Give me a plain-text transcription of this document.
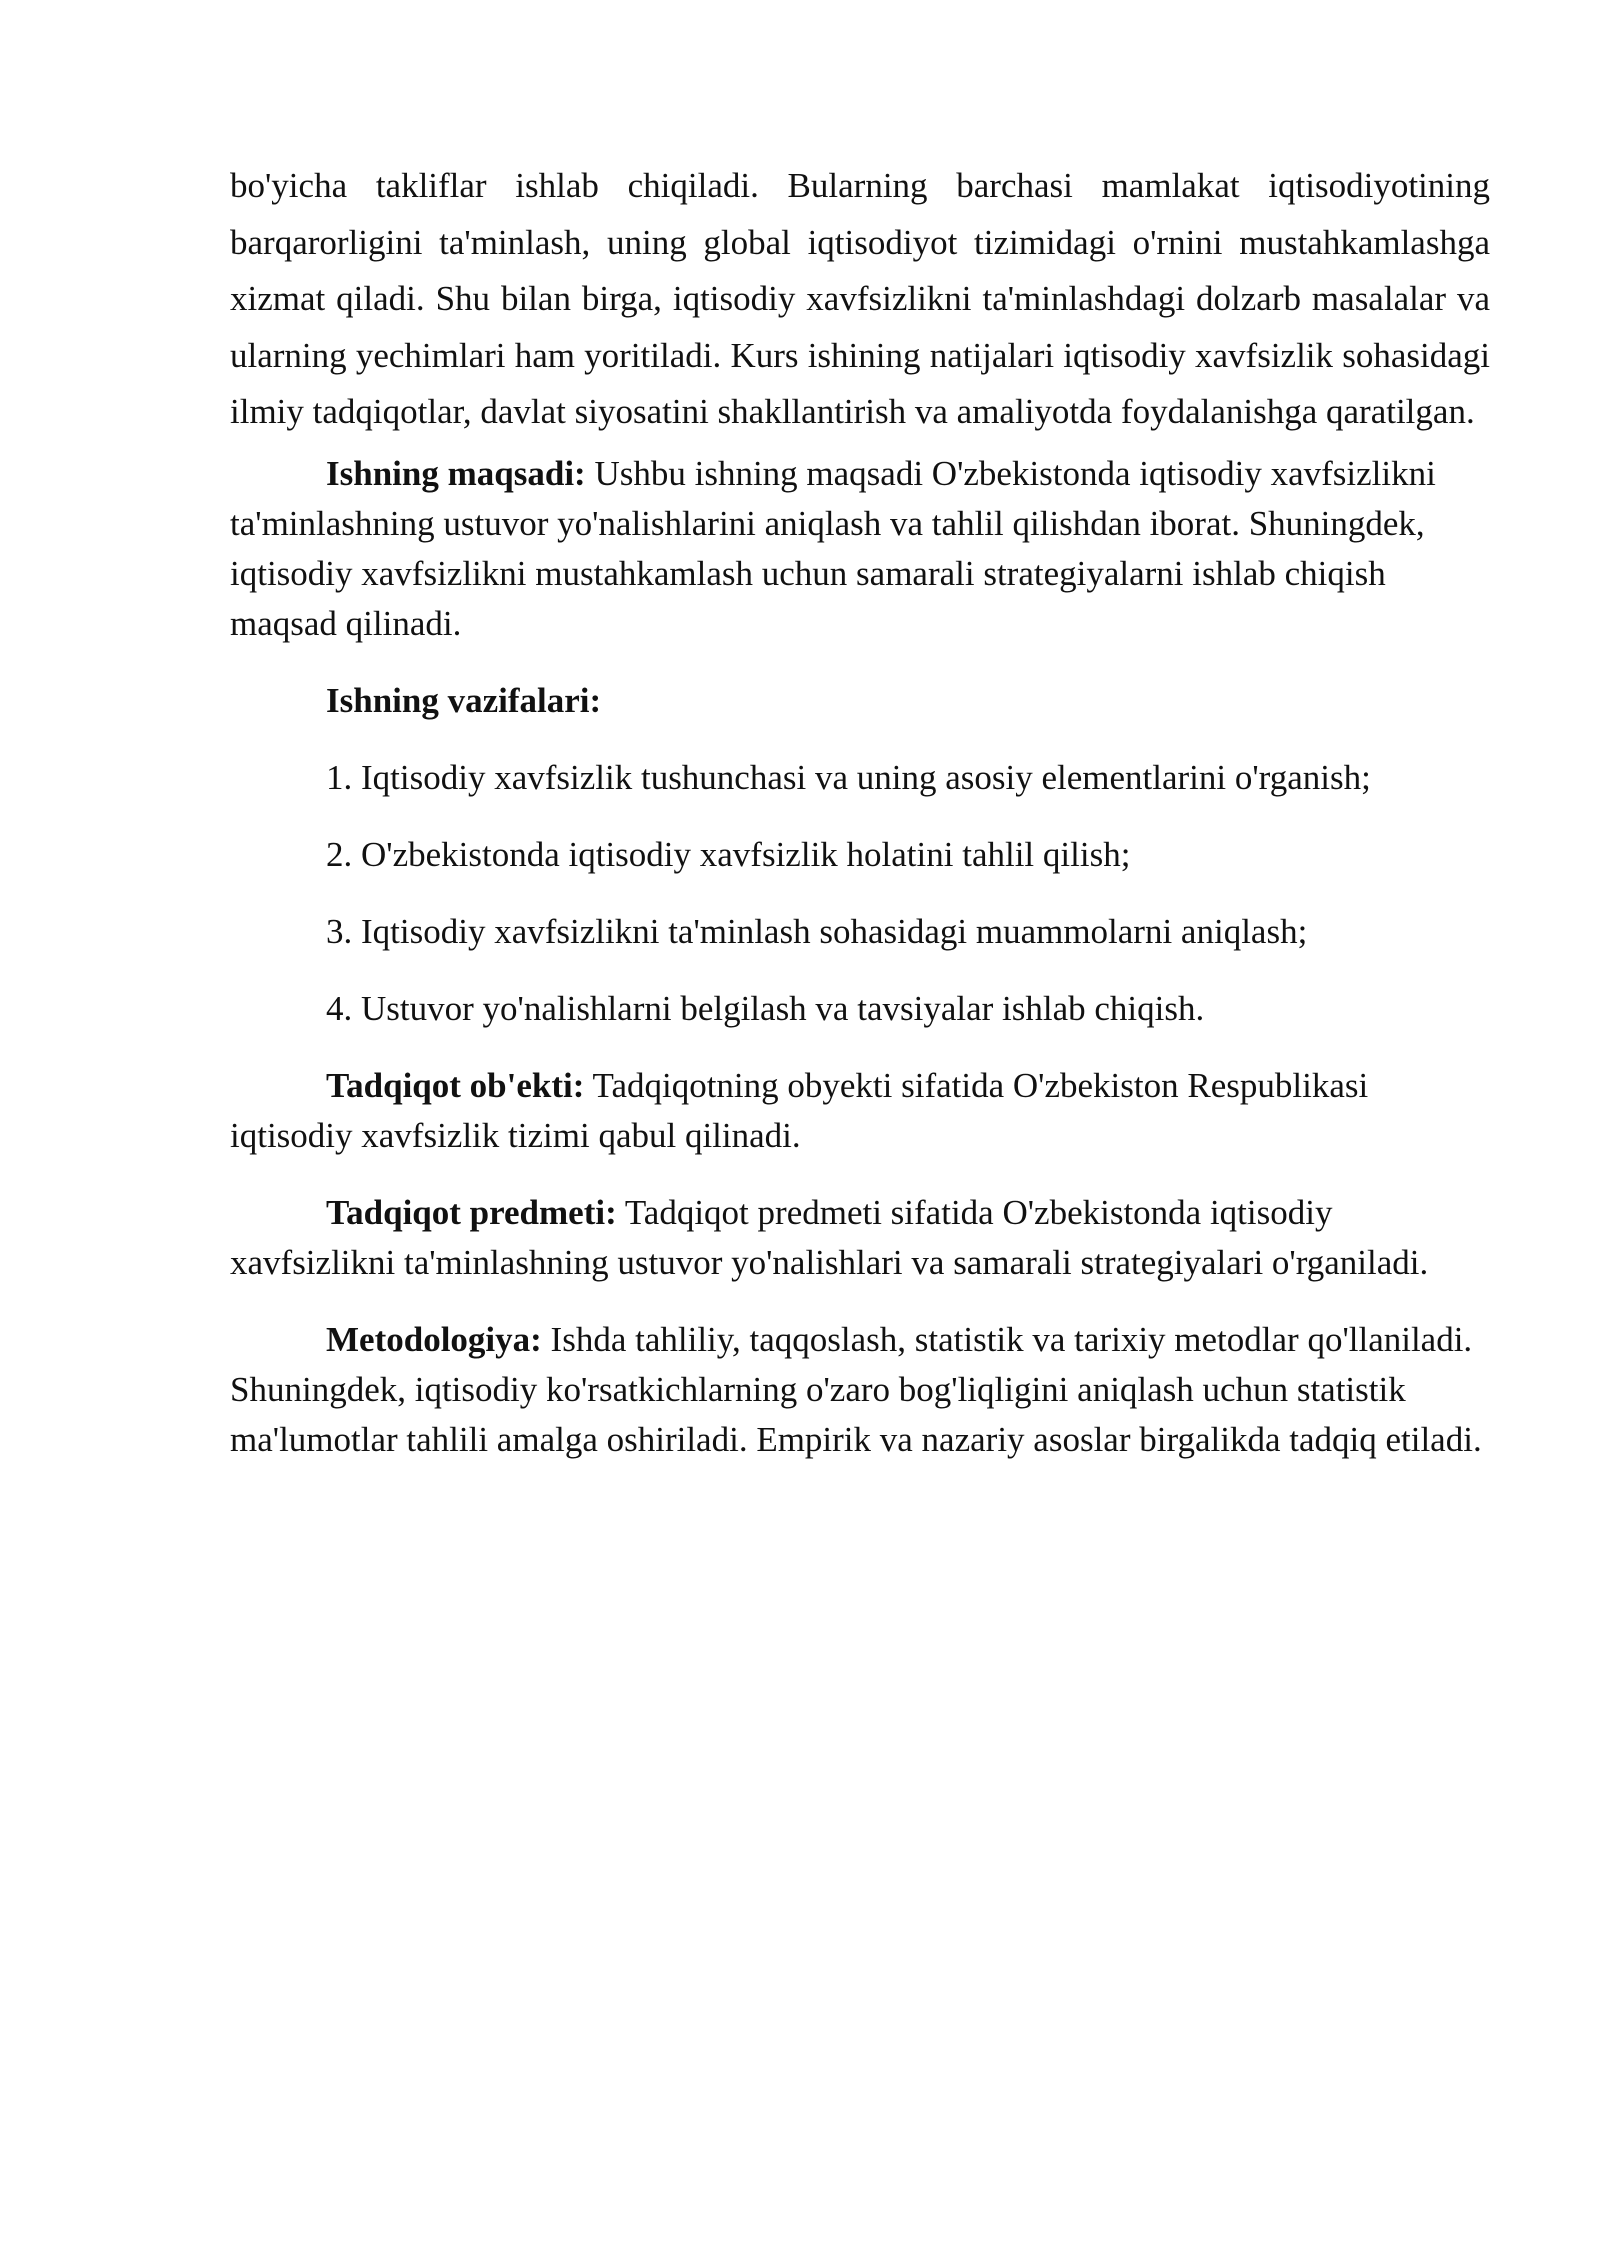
bo'yicha takliflar ishlab chiqiladi. Bularning barchasi mamlakat iqtisodiyotining barqarorligini ta'minlash, uning global iqtisodiyot tizimidagi o'rnini mustahkamlashga xizmat qiladi. Shu bilan birga, iqtisodiy xavfsizlikni ta'minlashdagi dolzarb masalalar va ularning yechimlari ham yoritiladi. Kurs ishining natijalari iqtisodiy xavfsizlik sohasidagi ilmiy tadqiqotlar, davlat siyosatini shakllantirish va amaliyotda foydalanishga qaratilgan.

Ishning maqsadi: Ushbu ishning maqsadi O'zbekistonda iqtisodiy xavfsizlikni ta'minlashning ustuvor yo'nalishlarini aniqlash va tahlil qilishdan iborat. Shuningdek, iqtisodiy xavfsizlikni mustahkamlash uchun samarali strategiyalarni ishlab chiqish maqsad qilinadi.

Ishning vazifalari:

1. Iqtisodiy xavfsizlik tushunchasi va uning asosiy elementlarini o'rganish;
2. O'zbekistonda iqtisodiy xavfsizlik holatini tahlil qilish;
3. Iqtisodiy xavfsizlikni ta'minlash sohasidagi muammolarni aniqlash;
4. Ustuvor yo'nalishlarni belgilash va tavsiyalar ishlab chiqish.

Tadqiqot ob'ekti: Tadqiqotning obyekti sifatida O'zbekiston Respublikasi iqtisodiy xavfsizlik tizimi qabul qilinadi.

Tadqiqot predmeti: Tadqiqot predmeti sifatida O'zbekistonda iqtisodiy xavfsizlikni ta'minlashning ustuvor yo'nalishlari va samarali strategiyalari o'rganiladi.

Metodologiya: Ishda tahliliy, taqqoslash, statistik va tarixiy metodlar qo'llaniladi. Shuningdek, iqtisodiy ko'rsatkichlarning o'zaro bog'liqligini aniqlash uchun statistik ma'lumotlar tahlili amalga oshiriladi. Empirik va nazariy asoslar birgalikda tadqiq etiladi.
